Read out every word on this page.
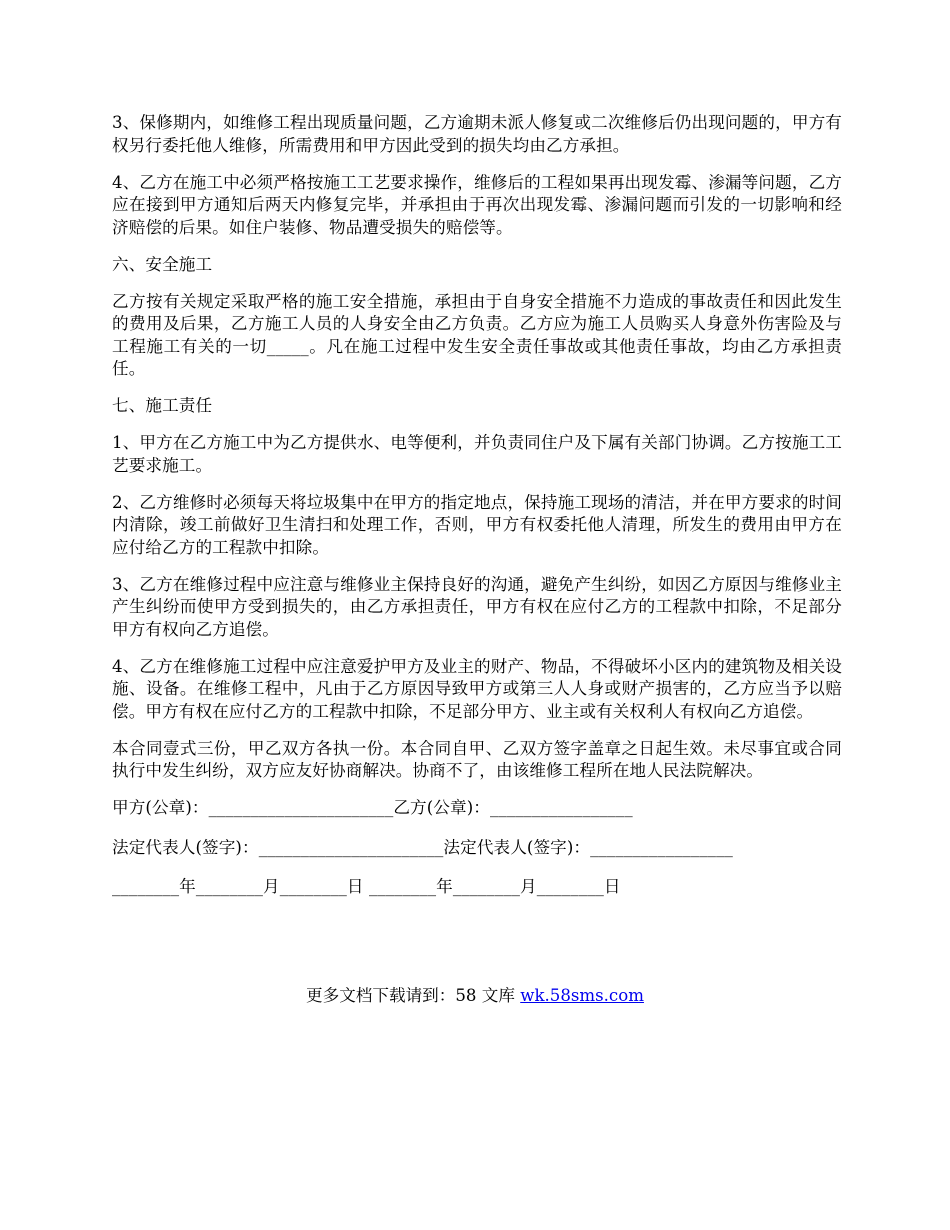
3、保修期内，如维修工程出现质量问题，乙方逾期未派人修复或二次维修后仍出现问题的，甲方有权另行委托他人维修，所需费用和甲方因此受到的损失均由乙方承担。

4、乙方在施工中必须严格按施工工艺要求操作，维修后的工程如果再出现发霉、渗漏等问题，乙方应在接到甲方通知后两天内修复完毕，并承担由于再次出现发霉、渗漏问题而引发的一切影响和经济赔偿的后果。如住户装修、物品遭受损失的赔偿等。

六、安全施工

乙方按有关规定采取严格的施工安全措施，承担由于自身安全措施不力造成的事故责任和因此发生的费用及后果，乙方施工人员的人身安全由乙方负责。乙方应为施工人员购买人身意外伤害险及与工程施工有关的一切_____。凡在施工过程中发生安全责任事故或其他责任事故，均由乙方承担责任。

七、施工责任

1、甲方在乙方施工中为乙方提供水、电等便利，并负责同住户及下属有关部门协调。乙方按施工工艺要求施工。

2、乙方维修时必须每天将垃圾集中在甲方的指定地点，保持施工现场的清洁，并在甲方要求的时间内清除，竣工前做好卫生清扫和处理工作，否则，甲方有权委托他人清理，所发生的费用由甲方在应付给乙方的工程款中扣除。

3、乙方在维修过程中应注意与维修业主保持良好的沟通，避免产生纠纷，如因乙方原因与维修业主产生纠纷而使甲方受到损失的，由乙方承担责任，甲方有权在应付乙方的工程款中扣除，不足部分甲方有权向乙方追偿。

4、乙方在维修施工过程中应注意爱护甲方及业主的财产、物品，不得破坏小区内的建筑物及相关设施、设备。在维修工程中，凡由于乙方原因导致甲方或第三人人身或财产损害的，乙方应当予以赔偿。甲方有权在应付乙方的工程款中扣除，不足部分甲方、业主或有关权利人有权向乙方追偿。

本合同壹式三份，甲乙双方各执一份。本合同自甲、乙双方签字盖章之日起生效。未尽事宜或合同执行中发生纠纷，双方应友好协商解决。协商不了，由该维修工程所在地人民法院解决。

甲方(公章)：______________________乙方(公章)：_________________

法定代表人(签字)：______________________法定代表人(签字)：_________________

________年________月________日 ________年________月________日

更多文档下载请到：58 文库 wk.58sms.com
